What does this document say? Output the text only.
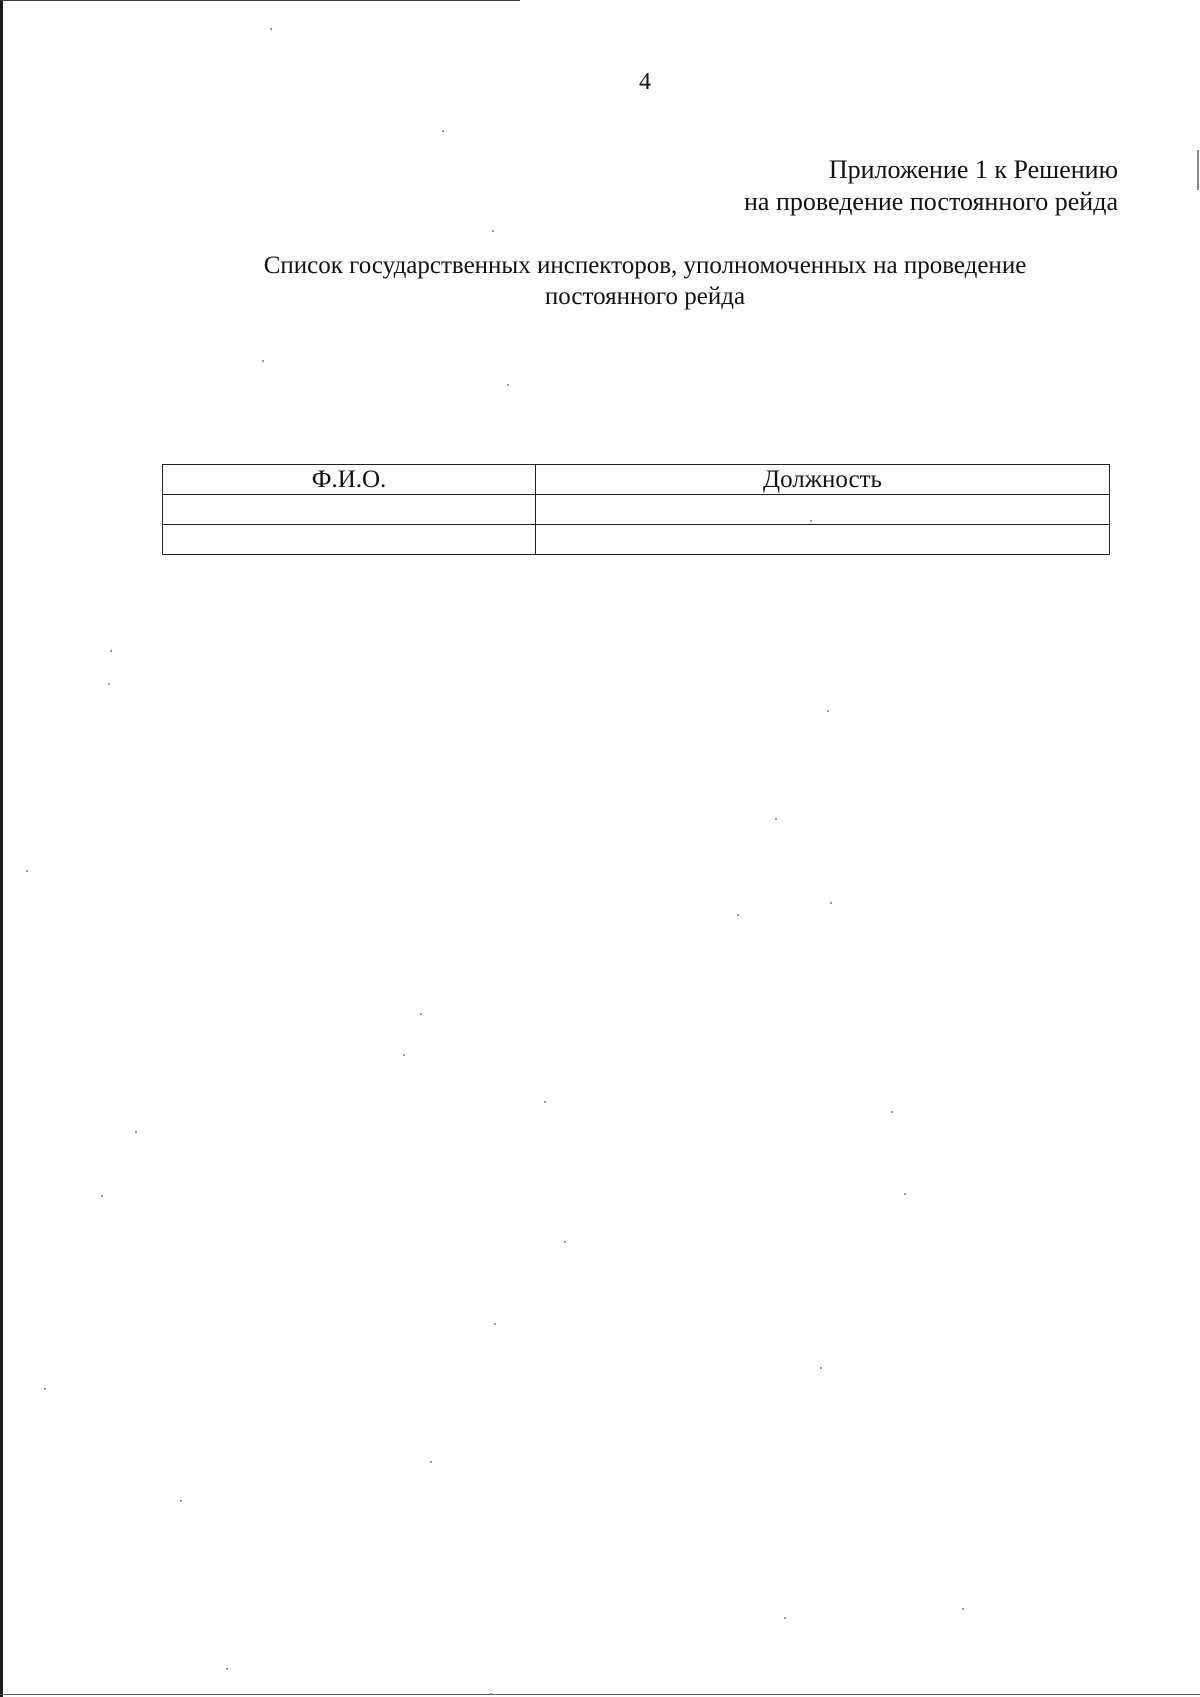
4
Приложение 1 к Решению
на проведение постоянного рейда
Список государственных инспекторов, уполномоченных на проведение
постоянного рейда
Ф.И.О.	Должность
